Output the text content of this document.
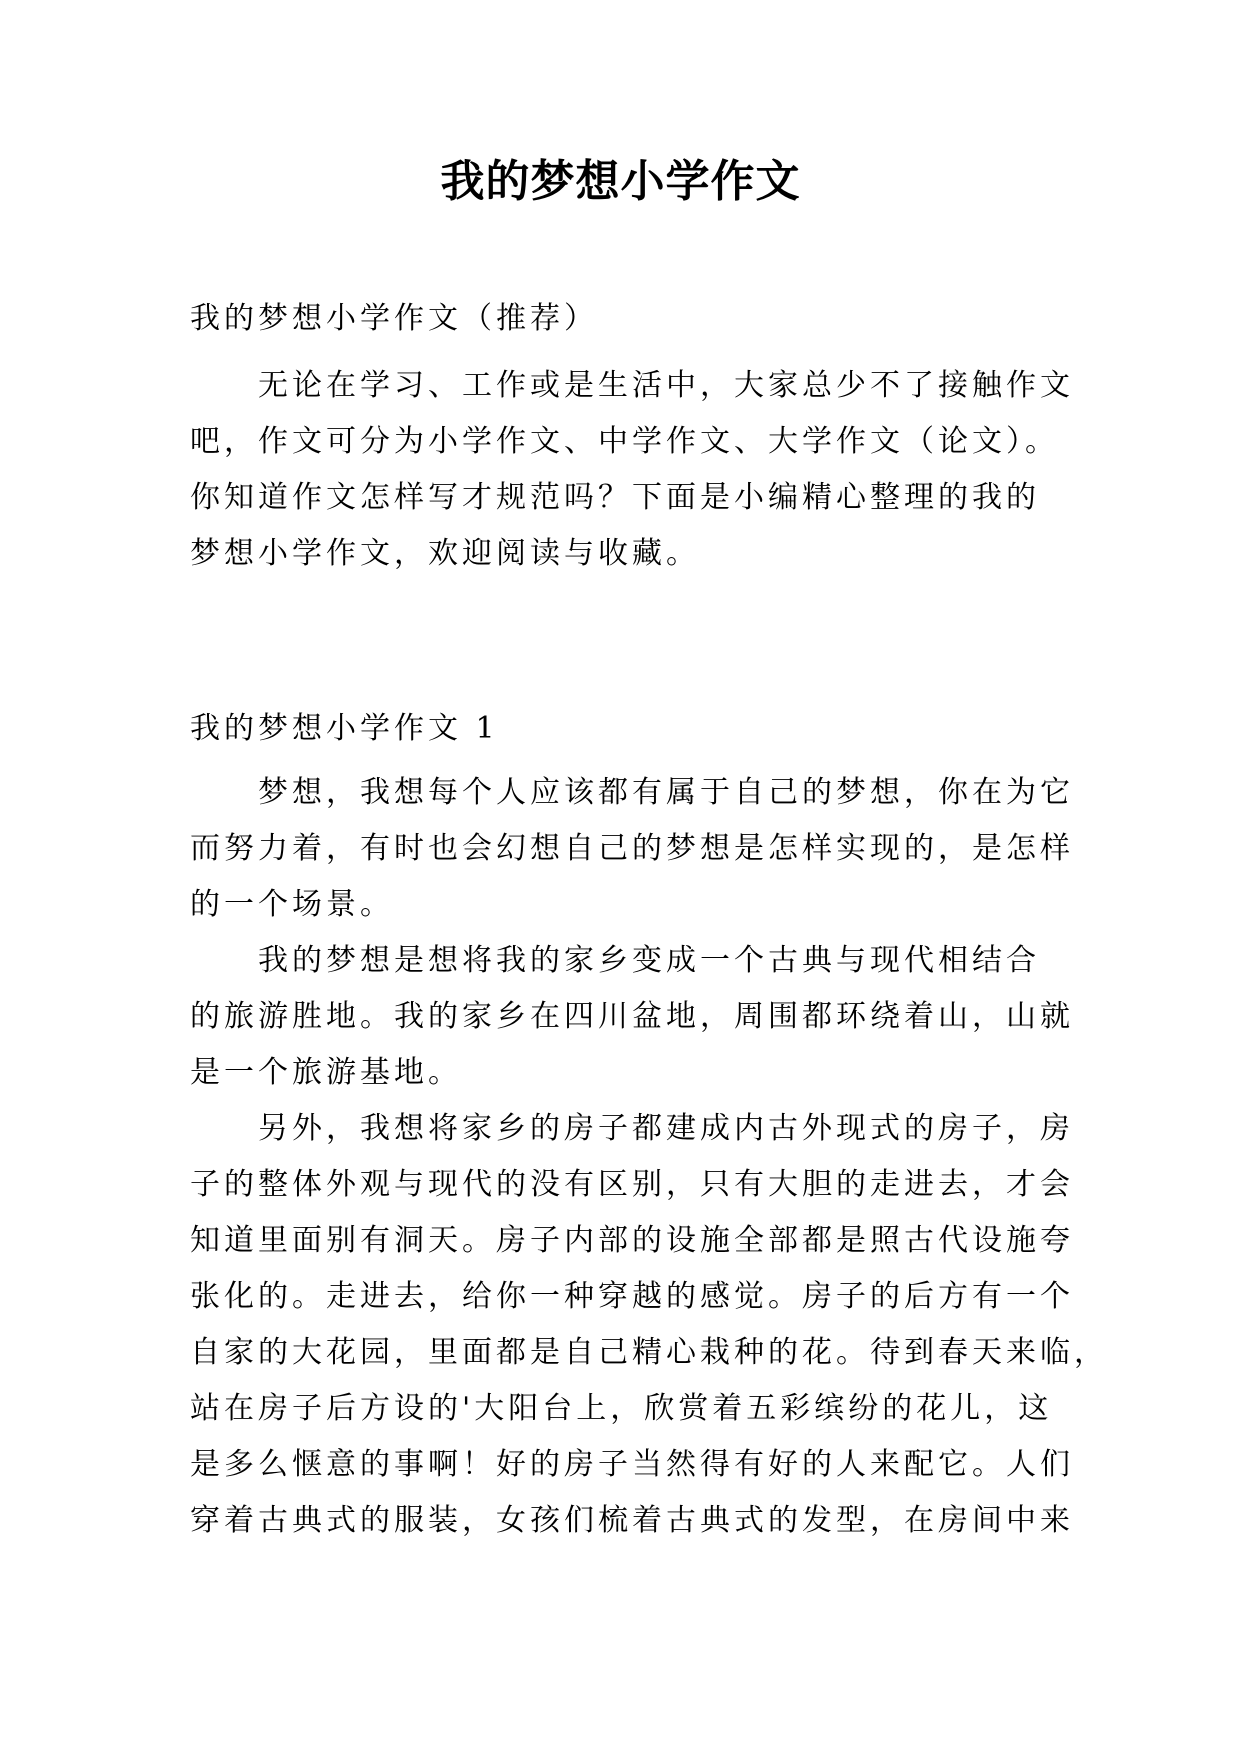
我的梦想小学作文
我的梦想小学作文（推荐）
无论在学习、工作或是生活中，大家总少不了接触作文
吧，作文可分为小学作文、中学作文、大学作文（论文）。
你知道作文怎样写才规范吗？下面是小编精心整理的我的
梦想小学作文，欢迎阅读与收藏。
我的梦想小学作文 1
梦想，我想每个人应该都有属于自己的梦想，你在为它
而努力着，有时也会幻想自己的梦想是怎样实现的，是怎样
的一个场景。
我的梦想是想将我的家乡变成一个古典与现代相结合
的旅游胜地。我的家乡在四川盆地，周围都环绕着山，山就
是一个旅游基地。
另外，我想将家乡的房子都建成内古外现式的房子，房
子的整体外观与现代的没有区别，只有大胆的走进去，才会
知道里面别有洞天。房子内部的设施全部都是照古代设施夸
张化的。走进去，给你一种穿越的感觉。房子的后方有一个
自家的大花园，里面都是自己精心栽种的花。待到春天来临，
站在房子后方设的'大阳台上，欣赏着五彩缤纷的花儿，这
是多么惬意的事啊！好的房子当然得有好的人来配它。人们
穿着古典式的服装，女孩们梳着古典式的发型，在房间中来
